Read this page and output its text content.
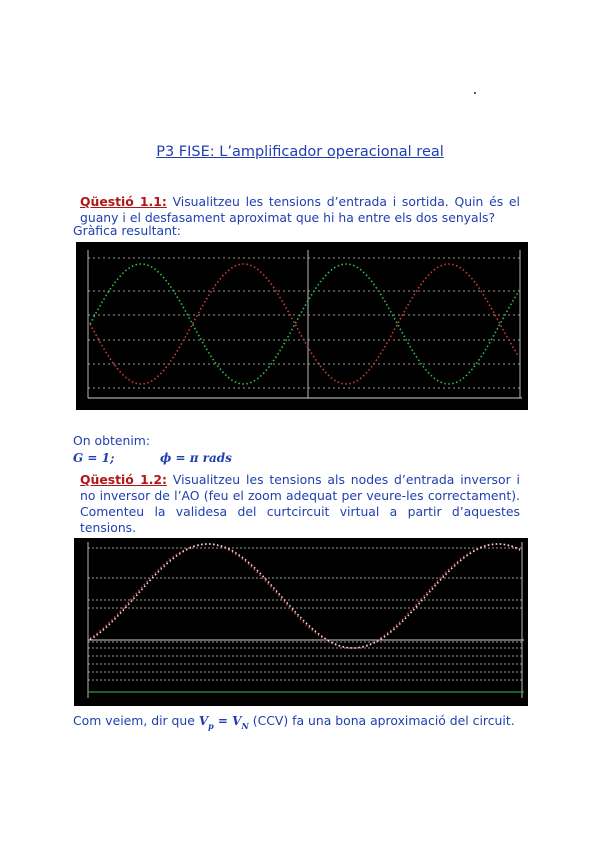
P3 FISE: L’amplificador operacional real
Qüestió 1.1: Visualitzeu les tensions d’entrada i sortida. Quin és el guany i el desfasament aproximat que hi ha entre els dos senyals?
Gràfica resultant:
On obtenim:
G = 1;	ϕ = π rads
Qüestió 1.2: Visualitzeu les tensions als nodes d’entrada inversor i no inversor de l’AO (feu el zoom adequat per veure-les correctament). Comenteu la validesa del curtcircuit virtual a partir d’aquestes tensions.
Com veiem, dir que $V_p = V_N$ (CCV) fa una bona aproximació del circuit.
